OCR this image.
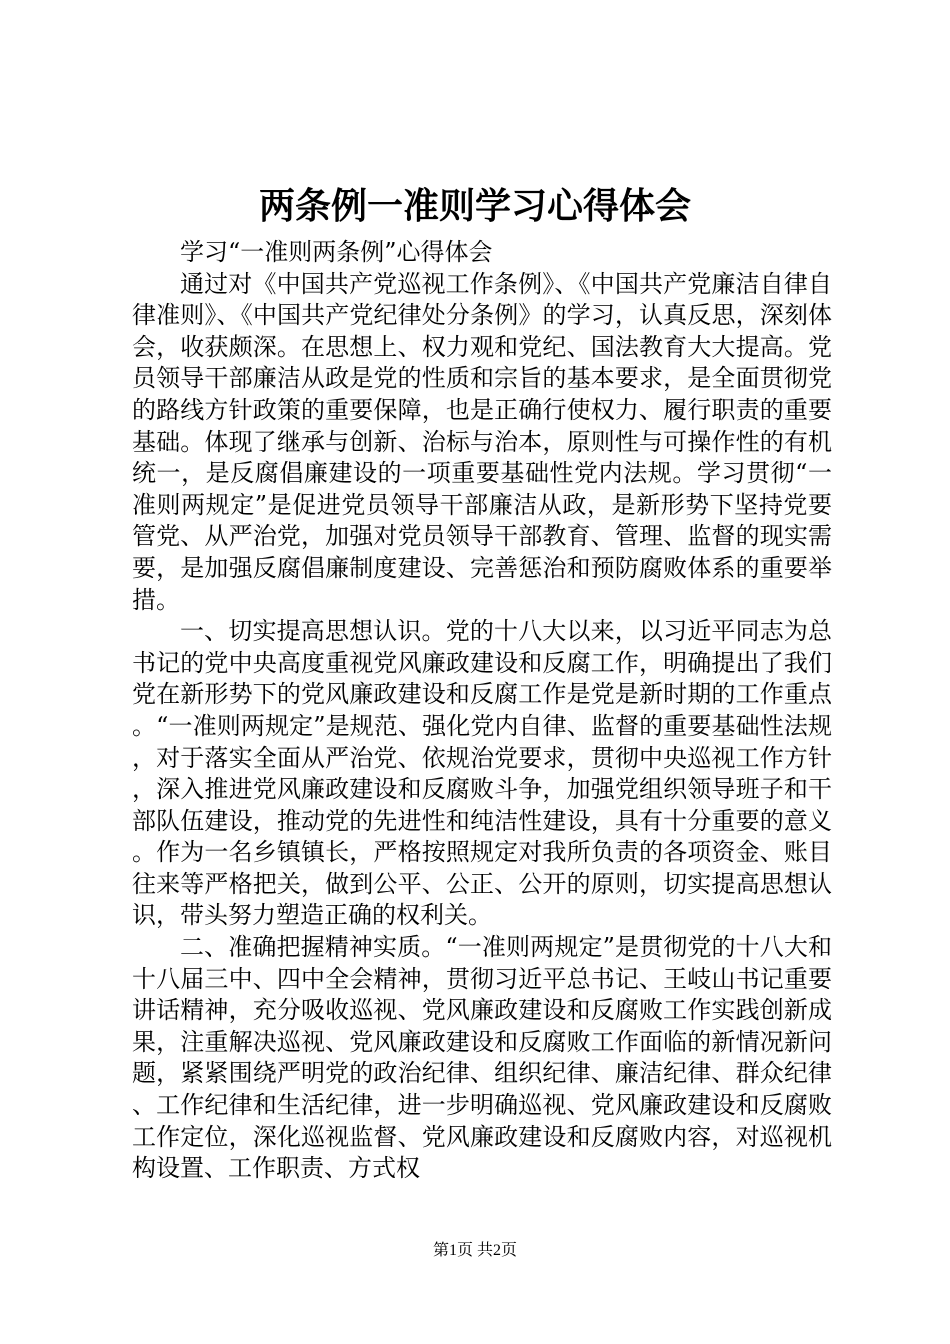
两条例一准则学习心得体会

学习“一准则两条例”心得体会

通过对《中国共产党巡视工作条例》、《中国共产党廉洁自律自律准则》、《中国共产党纪律处分条例》的学习，认真反思，深刻体会，收获颇深。在思想上、权力观和党纪、国法教育大大提高。党员领导干部廉洁从政是党的性质和宗旨的基本要求，是全面贯彻党的路线方针政策的重要保障，也是正确行使权力、履行职责的重要基础。体现了继承与创新、治标与治本，原则性与可操作性的有机统一，是反腐倡廉建设的一项重要基础性党内法规。学习贯彻“一准则两规定”是促进党员领导干部廉洁从政，是新形势下坚持党要管党、从严治党，加强对党员领导干部教育、管理、监督的现实需要，是加强反腐倡廉制度建设、完善惩治和预防腐败体系的重要举措。

一、切实提高思想认识。党的十八大以来，以习近平同志为总书记的党中央高度重视党风廉政建设和反腐工作，明确提出了我们党在新形势下的党风廉政建设和反腐工作是党是新时期的工作重点。“一准则两规定”是规范、强化党内自律、监督的重要基础性法规，对于落实全面从严治党、依规治党要求，贯彻中央巡视工作方针，深入推进党风廉政建设和反腐败斗争，加强党组织领导班子和干部队伍建设，推动党的先进性和纯洁性建设，具有十分重要的意义。作为一名乡镇镇长，严格按照规定对我所负责的各项资金、账目往来等严格把关，做到公平、公正、公开的原则，切实提高思想认识，带头努力塑造正确的权利关。

二、准确把握精神实质。“一准则两规定”是贯彻党的十八大和十八届三中、四中全会精神，贯彻习近平总书记、王岐山书记重要讲话精神，充分吸收巡视、党风廉政建设和反腐败工作实践创新成果，注重解决巡视、党风廉政建设和反腐败工作面临的新情况新问题，紧紧围绕严明党的政治纪律、组织纪律、廉洁纪律、群众纪律、工作纪律和生活纪律，进一步明确巡视、党风廉政建设和反腐败工作定位，深化巡视监督、党风廉政建设和反腐败内容，对巡视机构设置、工作职责、方式权

第1页 共2页
